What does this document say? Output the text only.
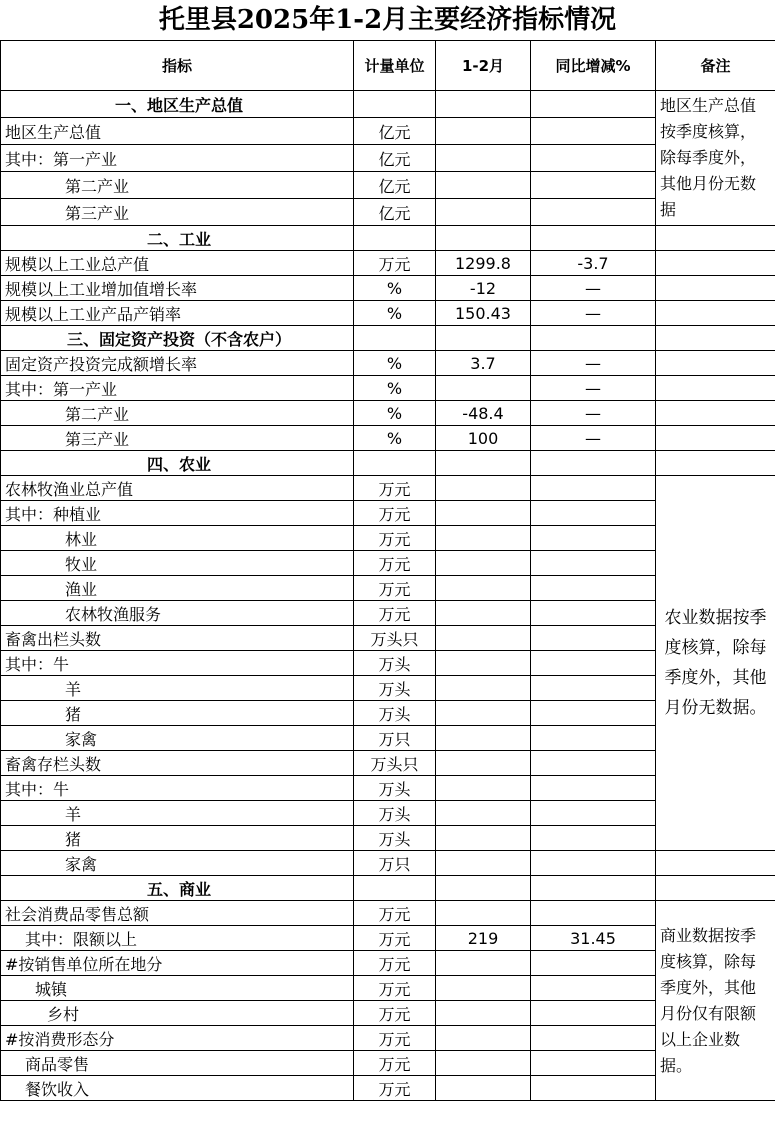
托里县2025年1-2月主要经济指标情况
指标	计量单位	1-2月	同比增减%	备注
一、地区生产总值				地区生产总值按季度核算，除每季度外，其他月份无数据
地区生产总值	亿元			
其中：第一产业	亿元			
第二产业	亿元			
第三产业	亿元			
二、工业				
规模以上工业总产值	万元	1299.8	-3.7	
规模以上工业增加值增长率	%	-12	—	
规模以上工业产品产销率	%	150.43	—	
三、固定资产投资（不含农户）				
固定资产投资完成额增长率	%	3.7	—	
其中：第一产业	%		—	
第二产业	%	-48.4	—	
第三产业	%	100	—	
四、农业				
农林牧渔业总产值	万元			农业数据按季度核算，除每季度外，其他月份无数据。
其中：种植业	万元			
林业	万元			
牧业	万元			
渔业	万元			
农林牧渔服务	万元			
畜禽出栏头数	万头只			
其中：牛	万头			
羊	万头			
猪	万头			
家禽	万只			
畜禽存栏头数	万头只			
其中：牛	万头			
羊	万头			
猪	万头			
家禽	万只			
五、商业				
社会消费品零售总额	万元			商业数据按季度核算，除每季度外，其他月份仅有限额以上企业数据。
其中：限额以上	万元	219	31.45	
#按销售单位所在地分	万元			
城镇	万元			
乡村	万元			
#按消费形态分	万元			
商品零售	万元			
餐饮收入	万元			
